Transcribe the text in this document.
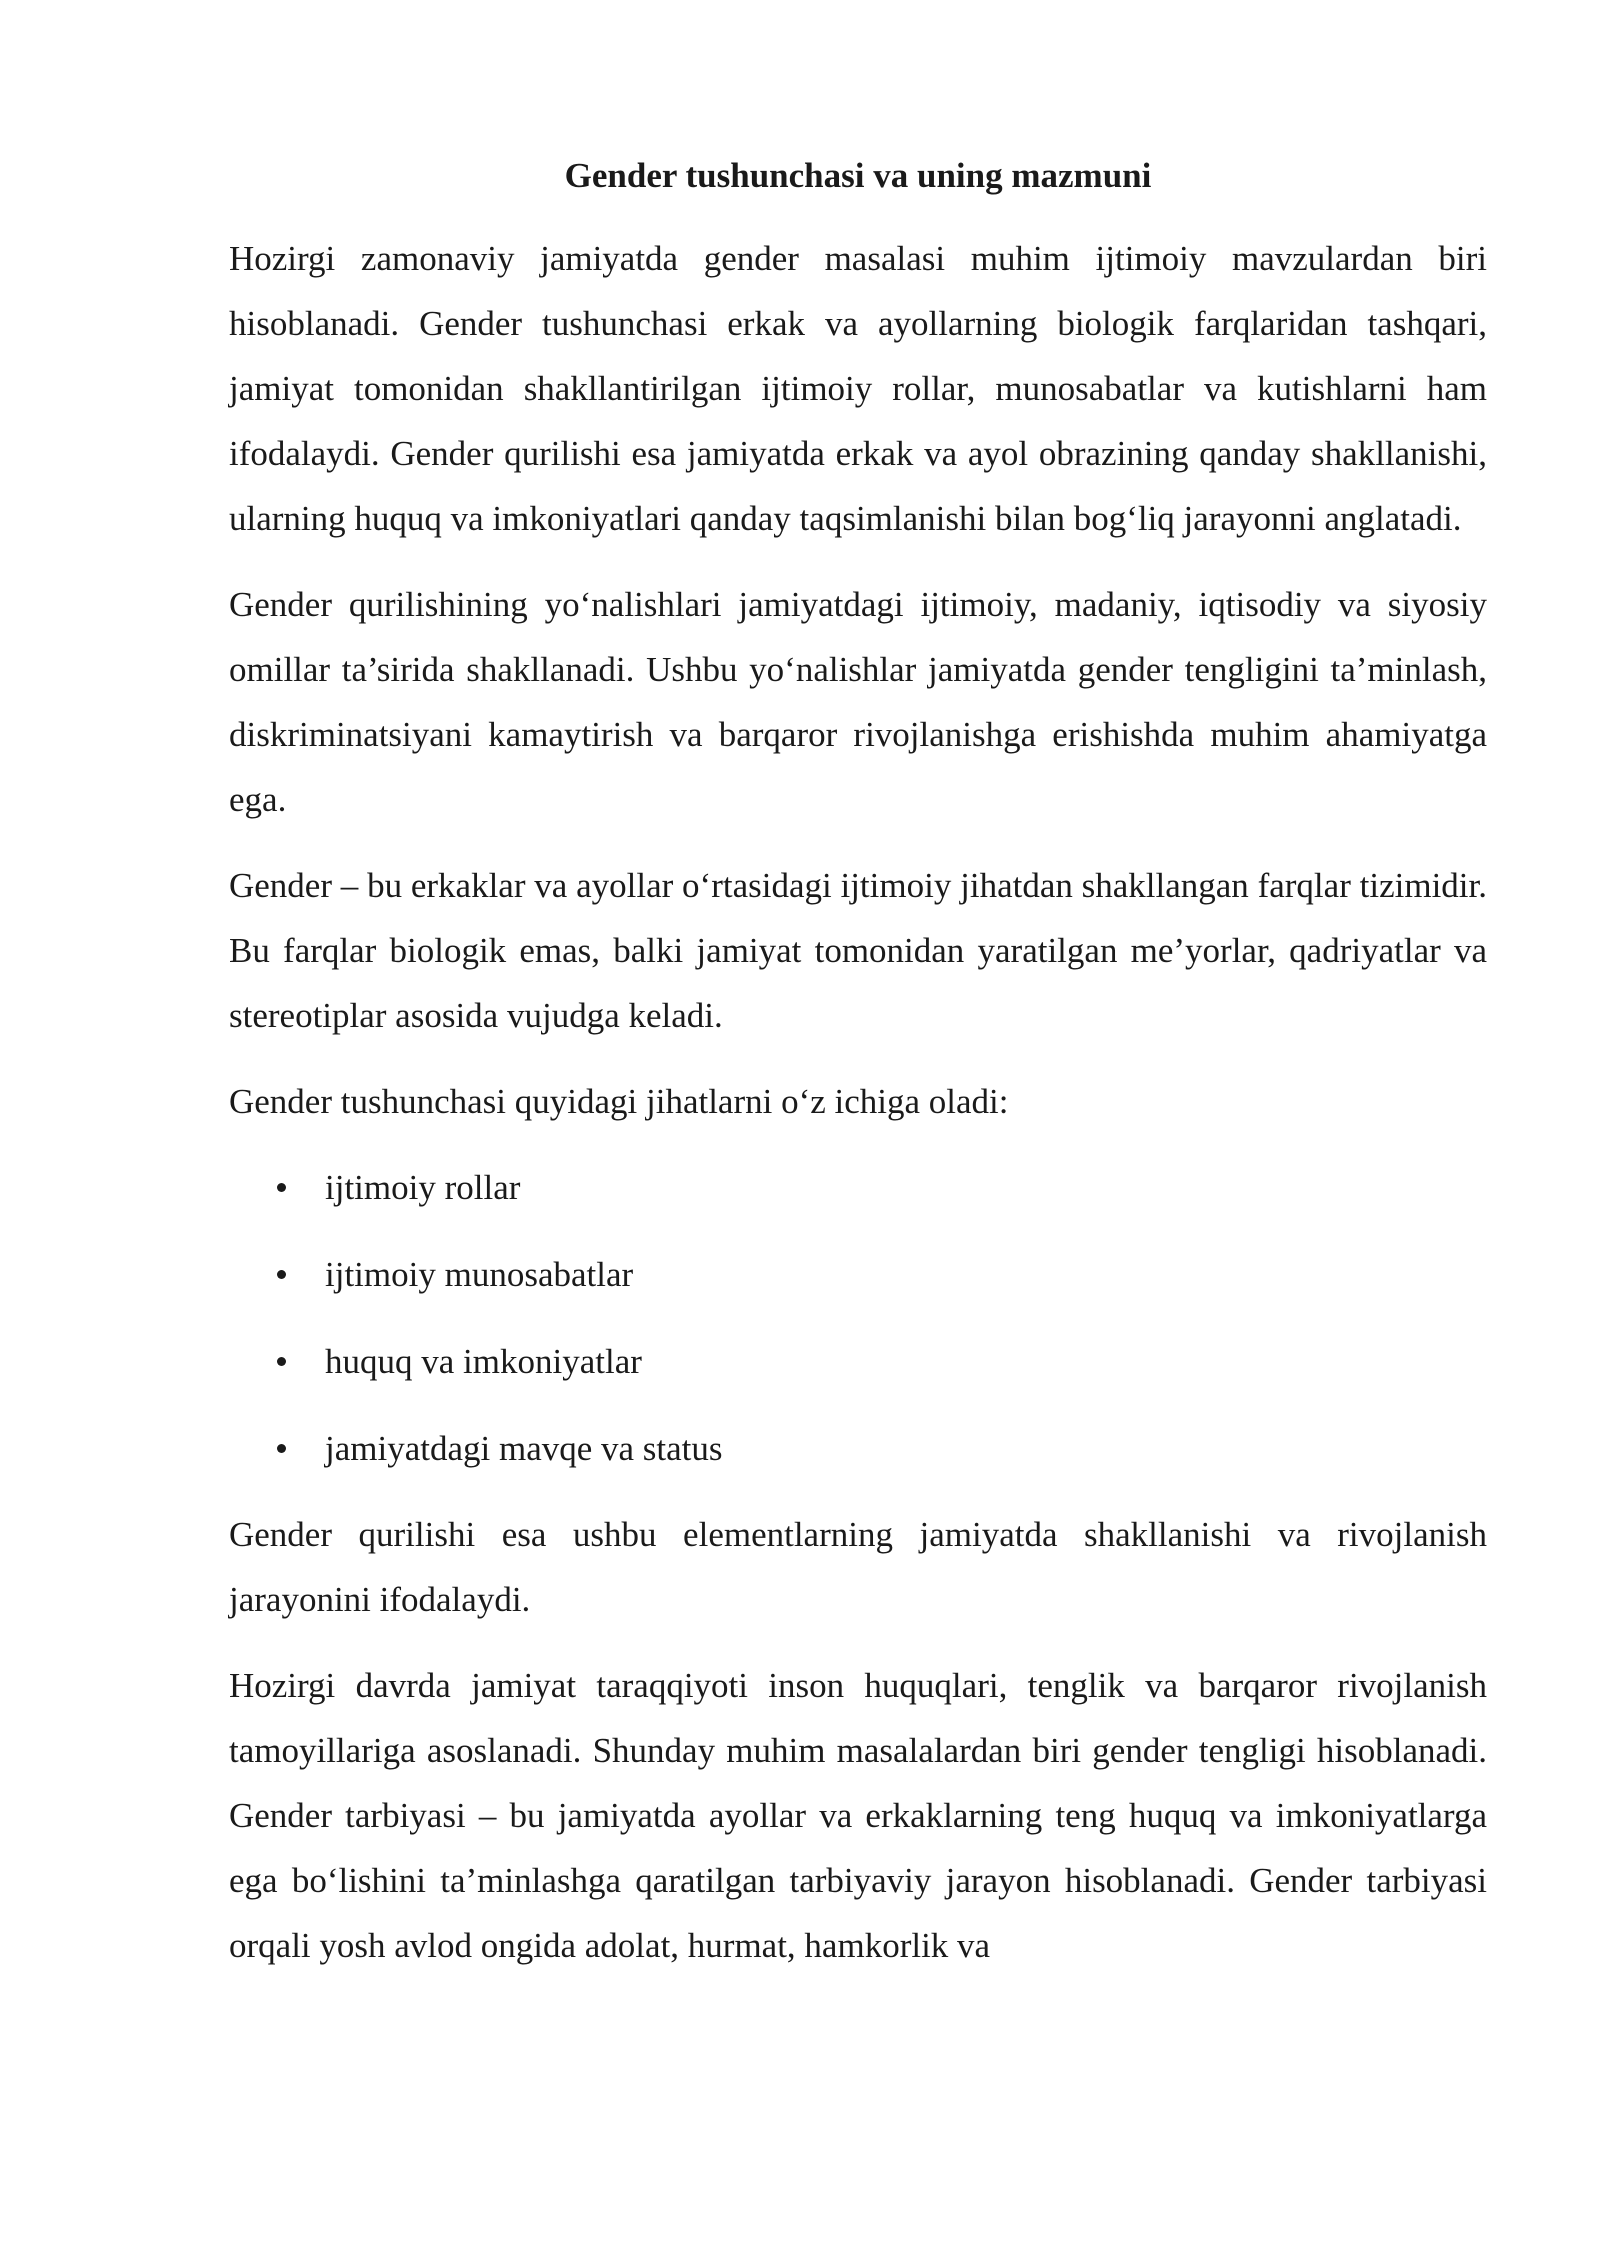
Gender tushunchasi va uning mazmuni

Hozirgi zamonaviy jamiyatda gender masalasi muhim ijtimoiy mavzulardan biri hisoblanadi. Gender tushunchasi erkak va ayollarning biologik farqlaridan tashqari, jamiyat tomonidan shakllantirilgan ijtimoiy rollar, munosabatlar va kutishlarni ham ifodalaydi. Gender qurilishi esa jamiyatda erkak va ayol obrazining qanday shakllanishi, ularning huquq va imkoniyatlari qanday taqsimlanishi bilan bog‘liq jarayonni anglatadi.

Gender qurilishining yo‘nalishlari jamiyatdagi ijtimoiy, madaniy, iqtisodiy va siyosiy omillar ta’sirida shakllanadi. Ushbu yo‘nalishlar jamiyatda gender tengligini ta’minlash, diskriminatsiyani kamaytirish va barqaror rivojlanishga erishishda muhim ahamiyatga ega.

Gender – bu erkaklar va ayollar o‘rtasidagi ijtimoiy jihatdan shakllangan farqlar tizimidir. Bu farqlar biologik emas, balki jamiyat tomonidan yaratilgan me’yorlar, qadriyatlar va stereotiplar asosida vujudga keladi.

Gender tushunchasi quyidagi jihatlarni o‘z ichiga oladi:

ijtimoiy rollar
ijtimoiy munosabatlar
huquq va imkoniyatlar
jamiyatdagi mavqe va status

Gender qurilishi esa ushbu elementlarning jamiyatda shakllanishi va rivojlanish jarayonini ifodalaydi.

Hozirgi davrda jamiyat taraqqiyoti inson huquqlari, tenglik va barqaror rivojlanish tamoyillariga asoslanadi. Shunday muhim masalalardan biri gender tengligi hisoblanadi. Gender tarbiyasi – bu jamiyatda ayollar va erkaklarning teng huquq va imkoniyatlarga ega bo‘lishini ta’minlashga qaratilgan tarbiyaviy jarayon hisoblanadi. Gender tarbiyasi orqali yosh avlod ongida adolat, hurmat, hamkorlik va
